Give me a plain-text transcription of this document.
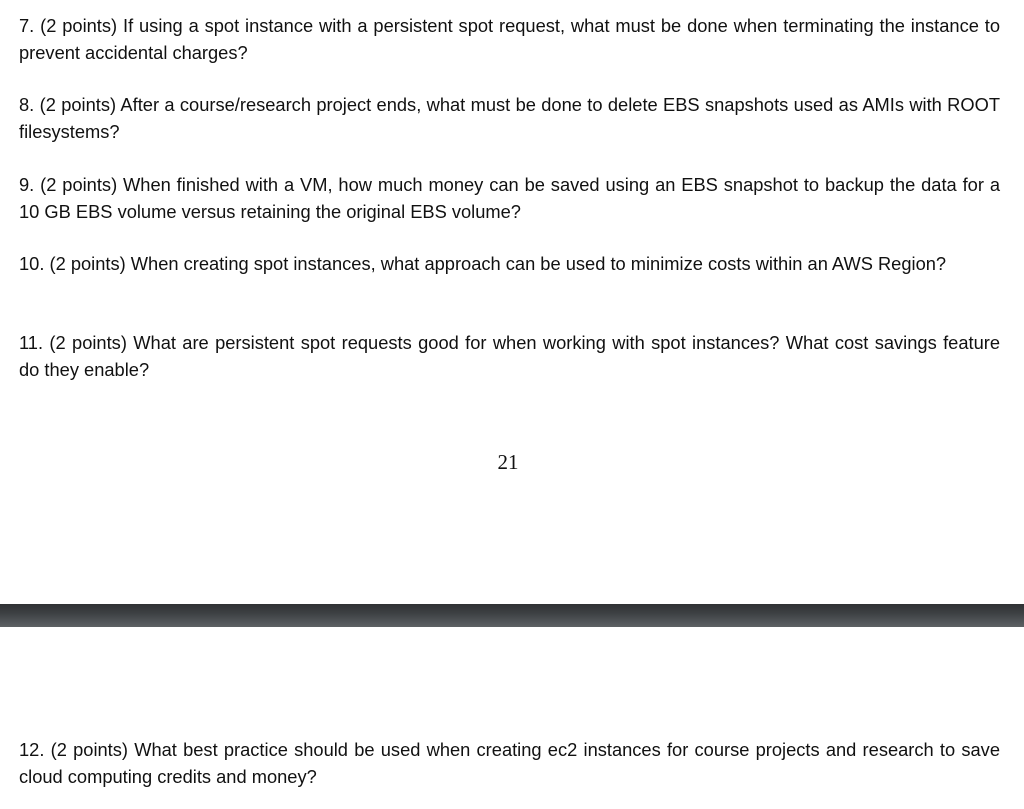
7. (2 points) If using a spot instance with a persistent spot request, what must be done when terminating the instance to prevent accidental charges?

8. (2 points) After a course/research project ends, what must be done to delete EBS snapshots used as AMIs with ROOT filesystems?

9. (2 points) When finished with a VM, how much money can be saved using an EBS snapshot to backup the data for a 10 GB EBS volume versus retaining the original EBS volume?

10. (2 points) When creating spot instances, what approach can be used to minimize costs within an AWS Region?

11. (2 points) What are persistent spot requests good for when working with spot instances? What cost savings feature do they enable?

21

12. (2 points) What best practice should be used when creating ec2 instances for course projects and research to save cloud computing credits and money?
